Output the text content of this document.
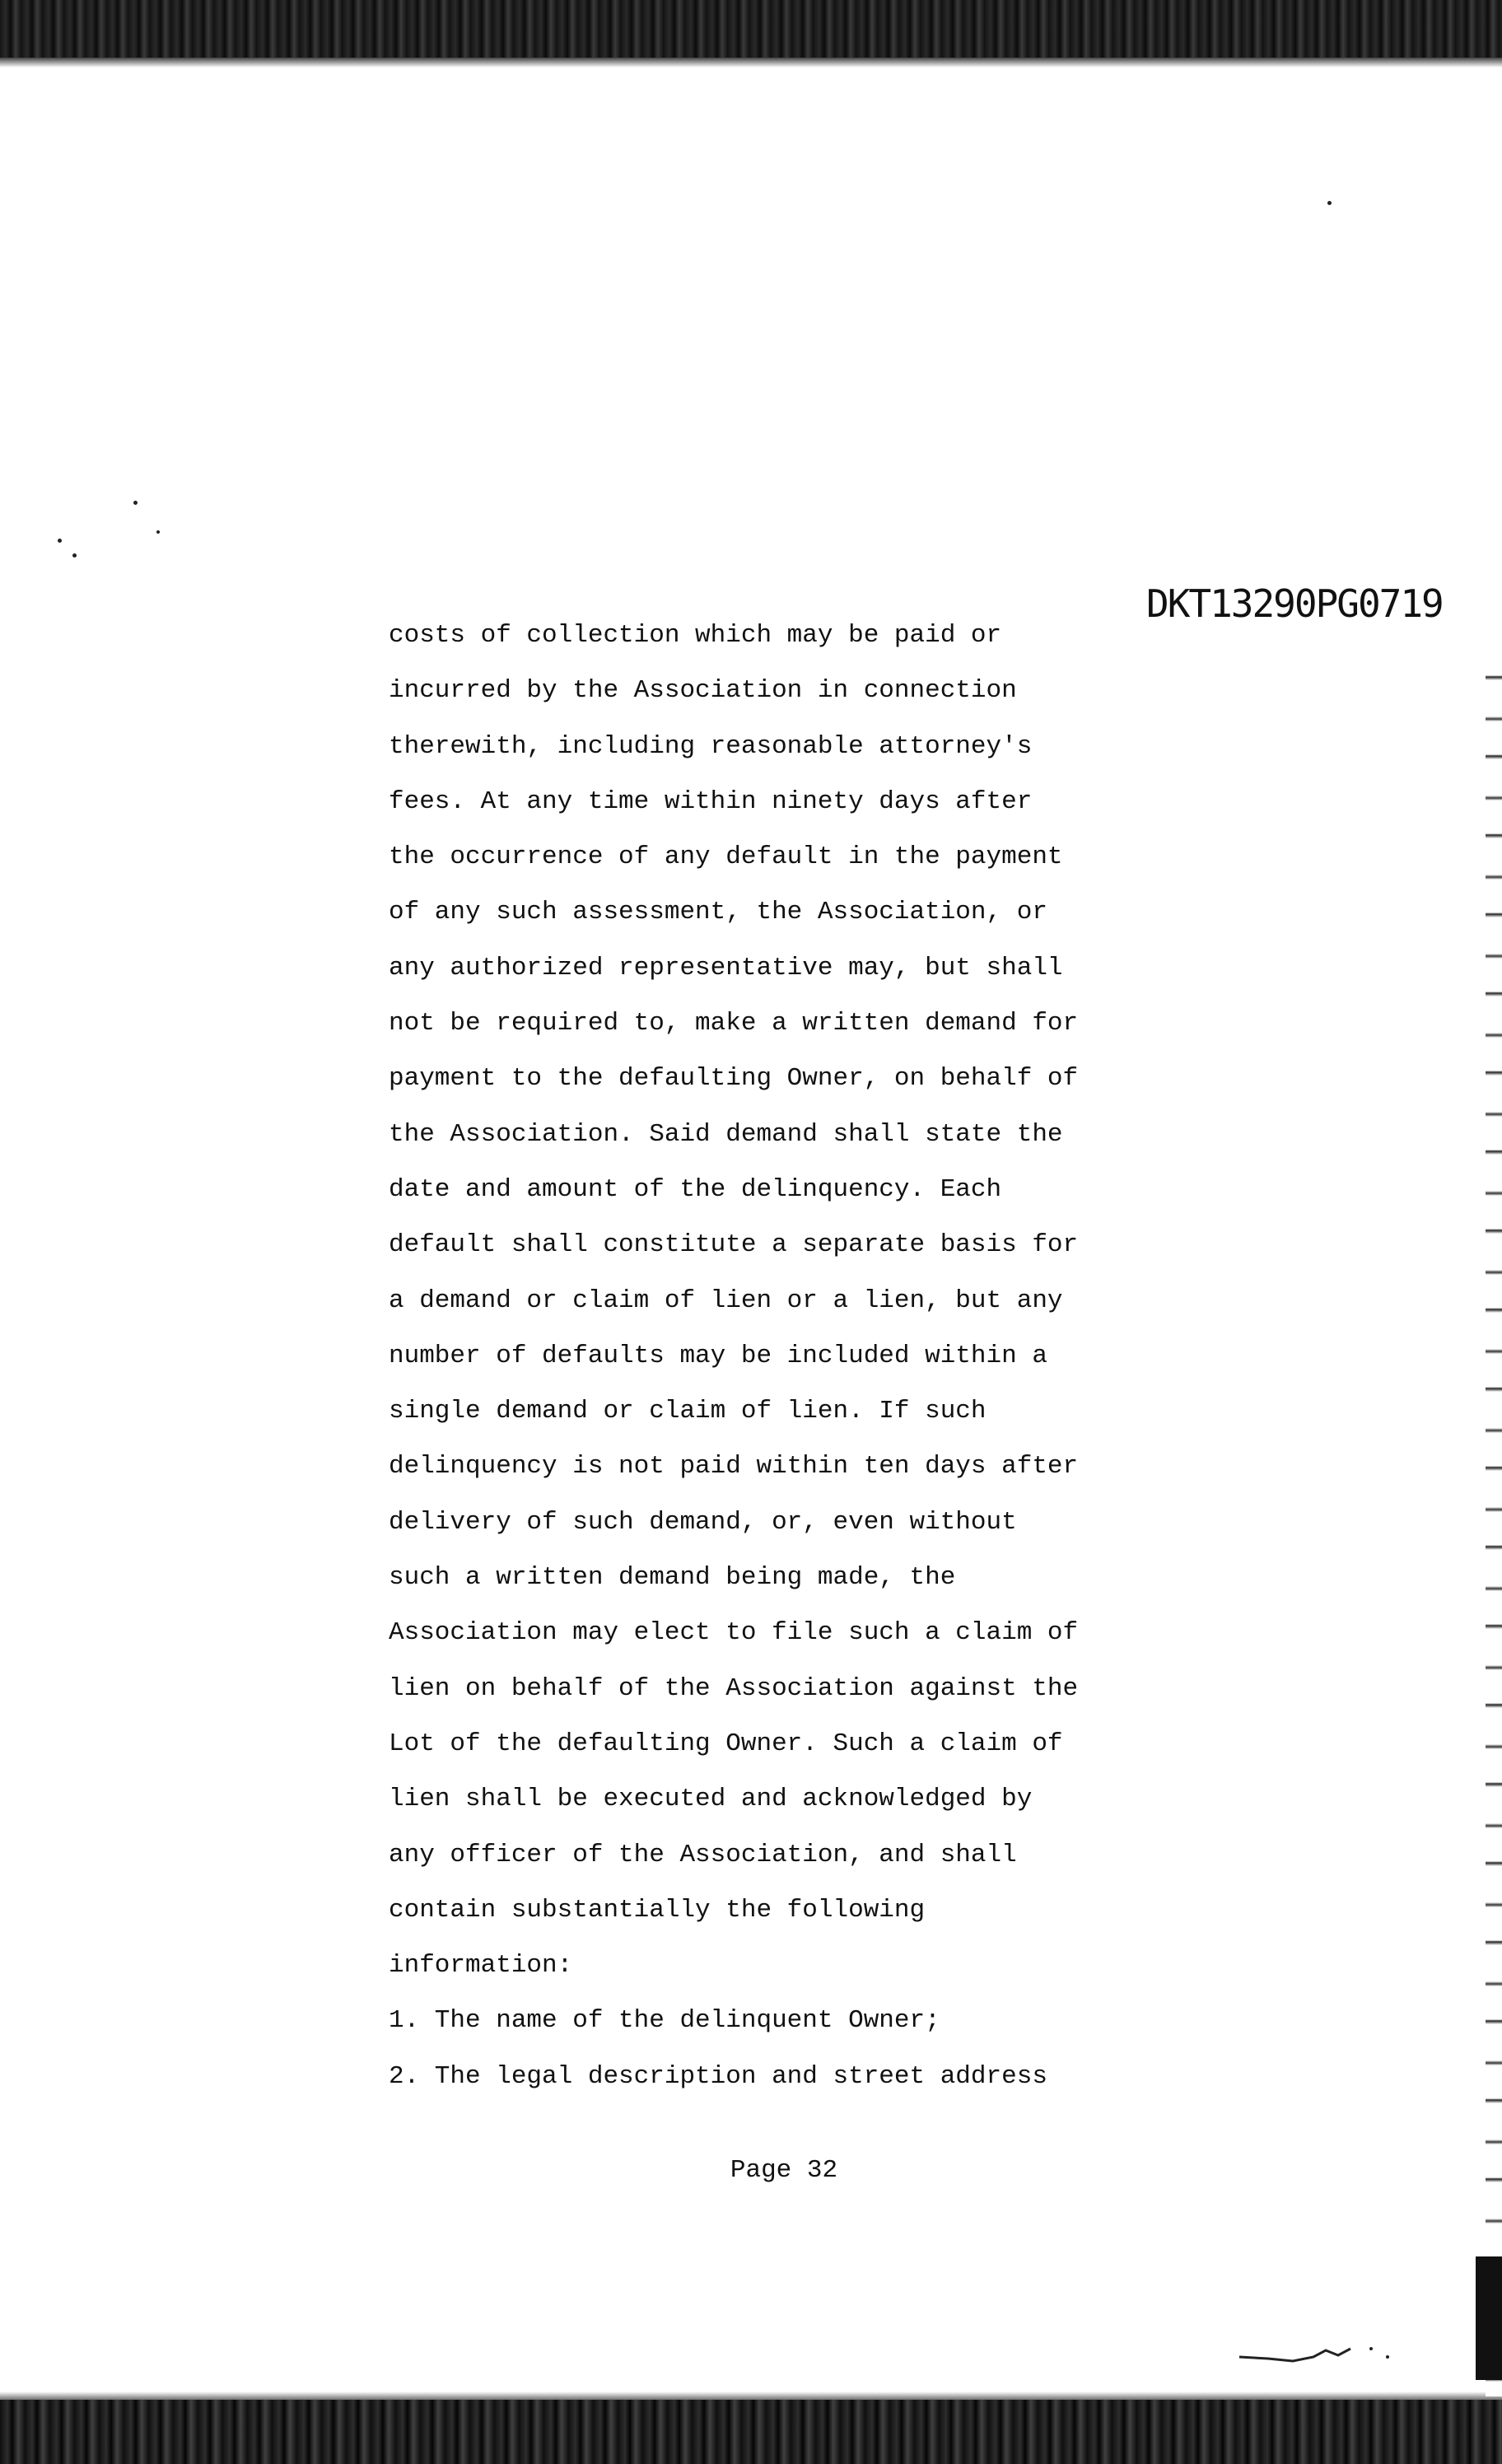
DKT13290PG0719
costs of collection which may be paid or
incurred by the Association in connection
therewith, including reasonable attorney's
fees. At any time within ninety days after
the occurrence of any default in the payment
of any such assessment, the Association, or
any authorized representative may, but shall
not be required to, make a written demand for
payment to the defaulting Owner, on behalf of
the Association. Said demand shall state the
date and amount of the delinquency. Each
default shall constitute a separate basis for
a demand or claim of lien or a lien, but any
number of defaults may be included within a
single demand or claim of lien. If such
delinquency is not paid within ten days after
delivery of such demand, or, even without
such a written demand being made, the
Association may elect to file such a claim of
lien on behalf of the Association against the
Lot of the defaulting Owner. Such a claim of
lien shall be executed and acknowledged by
any officer of the Association, and shall
contain substantially the following
information:
1. The name of the delinquent Owner;
2. The legal description and street address
Page 32
